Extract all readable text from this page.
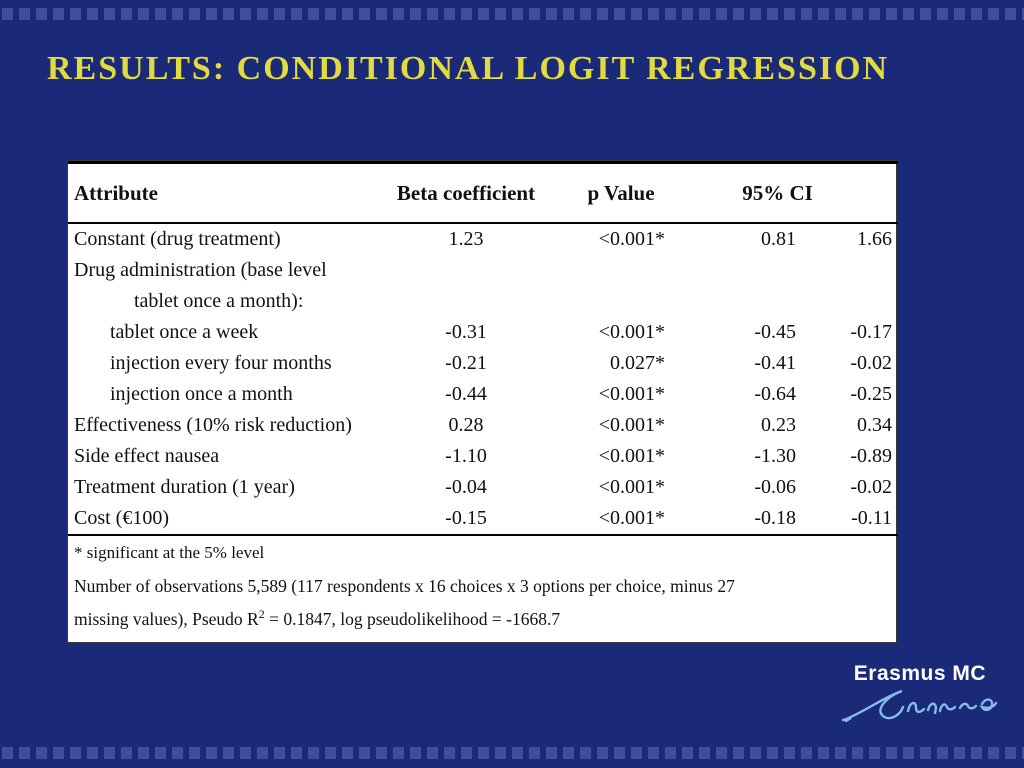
RESULTS: CONDITIONAL LOGIT REGRESSION
Attribute	Beta coefficient	p Value	95% CI	
Constant (drug treatment)	1.23	<0.001*	0.81	1.66
Drug administration (base level				
tablet once a month):				
tablet once a week	-0.31	<0.001*	-0.45	-0.17
injection every four months	-0.21	0.027*	-0.41	-0.02
injection once a month	-0.44	<0.001*	-0.64	-0.25
Effectiveness (10% risk reduction)	0.28	<0.001*	0.23	0.34
Side effect nausea	-1.10	<0.001*	-1.30	-0.89
Treatment duration (1 year)	-0.04	<0.001*	-0.06	-0.02
Cost (€100)	-0.15	<0.001*	-0.18	-0.11
* significant at the 5% level				
Number of observations 5,589 (117 respondents x 16 choices x 3 options per choice, minus 27				
missing values), Pseudo $R^2 = 0.1847$, log pseudolikelihood = -1668.7				
Erasmus MC
